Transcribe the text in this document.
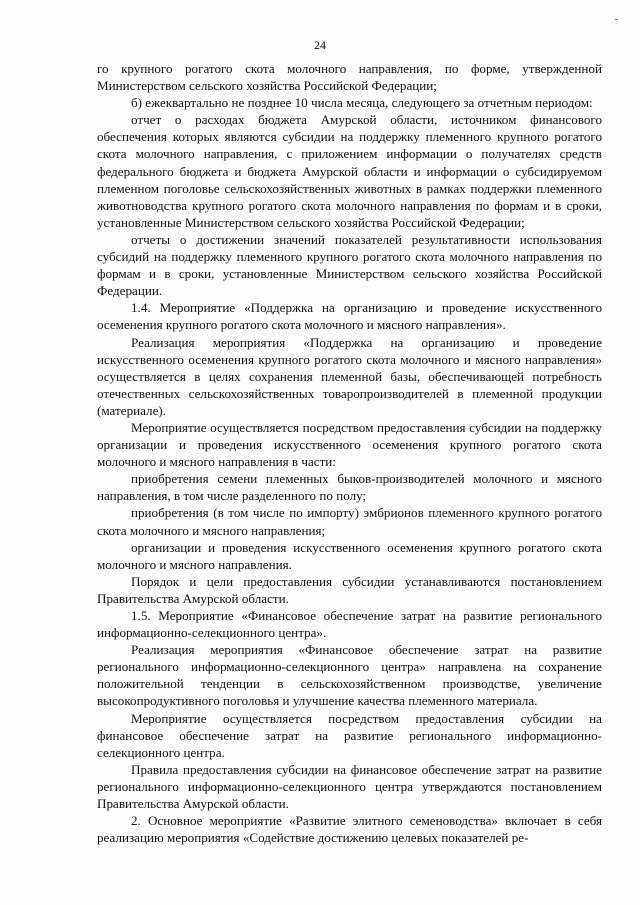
-
24

го крупного рогатого скота молочного направления, по форме, утвержденной Министерством сельского хозяйства Российской Федерации;

б) ежеквартально не позднее 10 числа месяца, следующего за отчетным периодом:

отчет о расходах бюджета Амурской области, источником финансового обеспечения которых являются субсидии на поддержку племенного крупного рогатого скота молочного направления, с приложением информации о получателях средств федерального бюджета и бюджета Амурской области и информации о субсидируемом племенном поголовье сельскохозяйственных животных в рамках поддержки племенного животноводства крупного рогатого скота молочного направления по формам и в сроки, установленные Министерством сельского хозяйства Российской Федерации;

отчеты о достижении значений показателей результативности использования субсидий на поддержку племенного крупного рогатого скота молочного направления по формам и в сроки, установленные Министерством сельского хозяйства Российской Федерации.

1.4. Мероприятие «Поддержка на организацию и проведение искусственного осеменения крупного рогатого скота молочного и мясного направления».

Реализация мероприятия «Поддержка на организацию и проведение искусственного осеменения крупного рогатого скота молочного и мясного направления» осуществляется в целях сохранения племенной базы, обеспечивающей потребность отечественных сельскохозяйственных товаропроизводителей в племенной продукции (материале).

Мероприятие осуществляется посредством предоставления субсидии на поддержку организации и проведения искусственного осеменения крупного рогатого скота молочного и мясного направления в части:

приобретения семени племенных быков-производителей молочного и мясного направления, в том числе разделенного по полу;

приобретения (в том числе по импорту) эмбрионов племенного крупного рогатого скота молочного и мясного направления;

организации и проведения искусственного осеменения крупного рогатого скота молочного и мясного направления.

Порядок и цели предоставления субсидии устанавливаются постановлением Правительства Амурской области.

1.5. Мероприятие «Финансовое обеспечение затрат на развитие регионального информационно-селекционного центра».

Реализация мероприятия «Финансовое обеспечение затрат на развитие регионального информационно-селекционного центра» направлена на сохранение положительной тенденции в сельскохозяйственном производстве, увеличение высокопродуктивного поголовья и улучшение качества племенного материала.

Мероприятие осуществляется посредством предоставления субсидии на финансовое обеспечение затрат на развитие регионального информационно-селекционного центра.

Правила предоставления субсидии на финансовое обеспечение затрат на развитие регионального информационно-селекционного центра утверждаются постановлением Правительства Амурской области.

2. Основное мероприятие «Развитие элитного семеноводства» включает в себя реализацию мероприятия «Содействие достижению целевых показателей ре-
